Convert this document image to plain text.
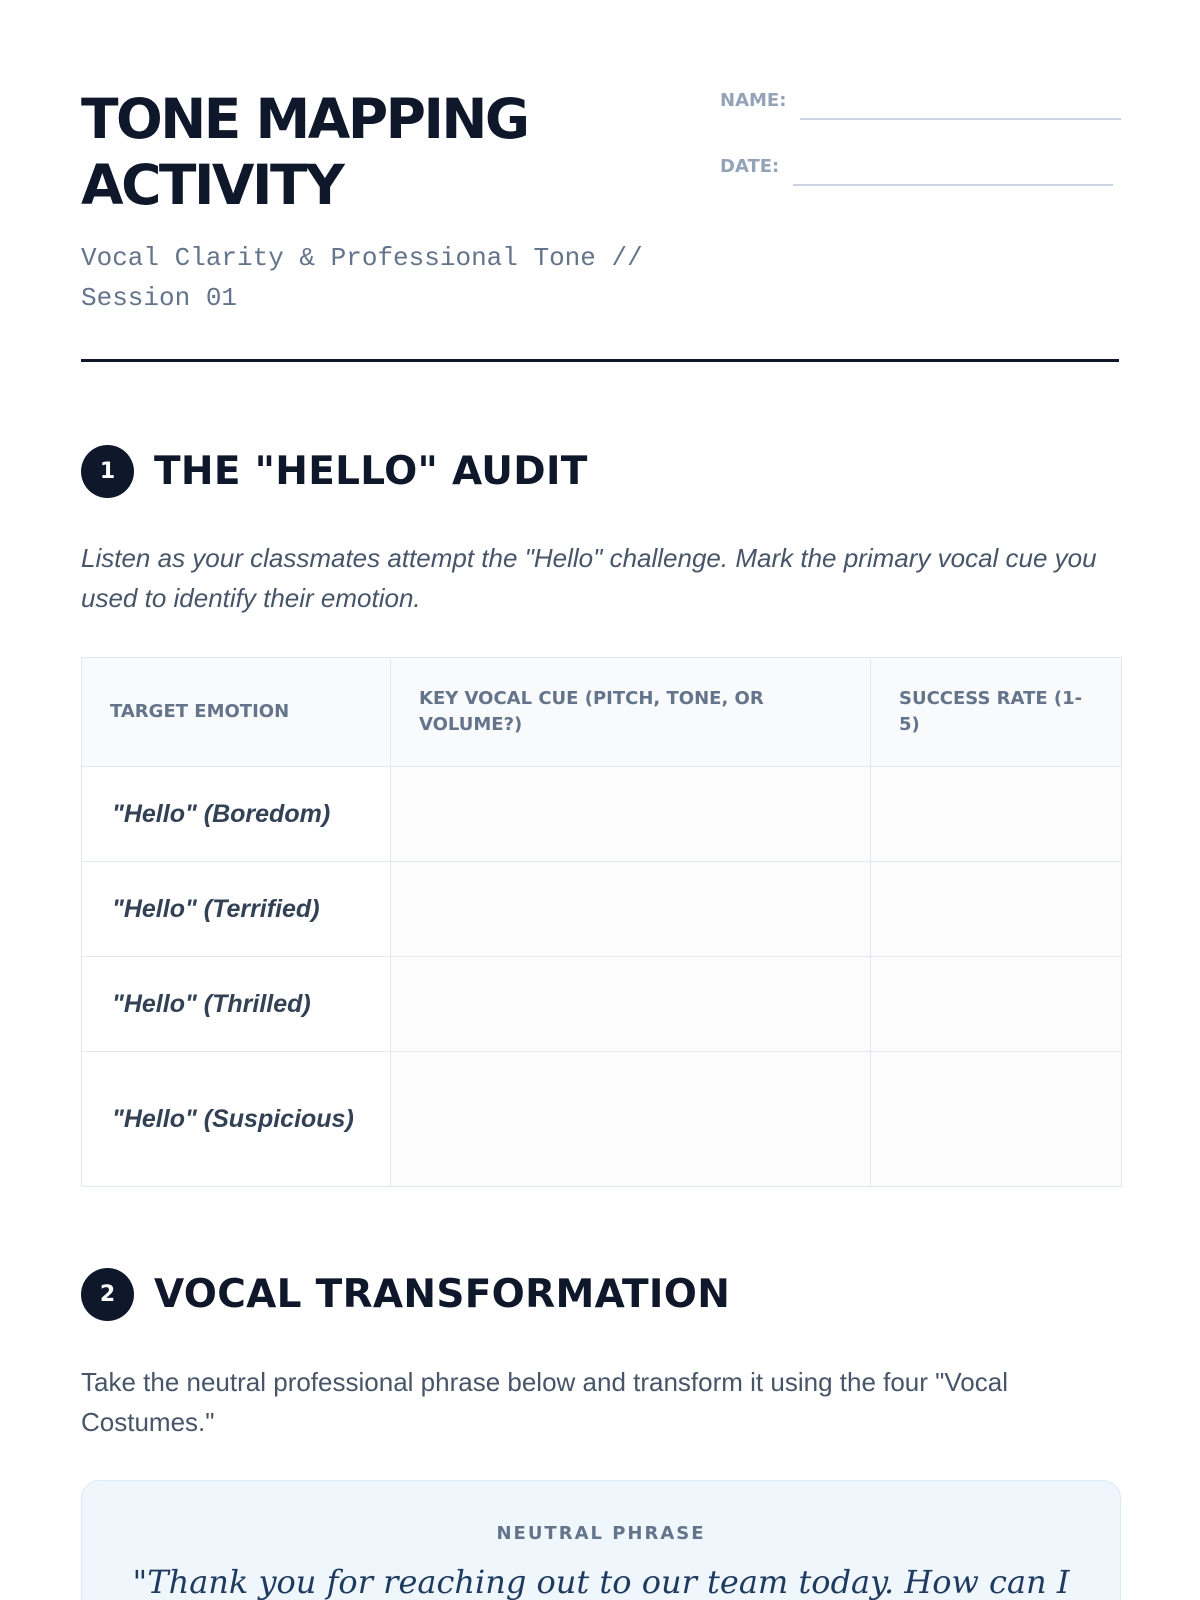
TONE MAPPING ACTIVITY
Vocal Clarity & Professional Tone // Session 01
NAME:
DATE:
1 THE "HELLO" AUDIT

Listen as your classmates attempt the "Hello" challenge. Mark the primary vocal cue you used to identify their emotion.

TARGET EMOTION	KEY VOCAL CUE (PITCH, TONE, OR VOLUME?)	SUCCESS RATE (1-5)
"Hello" (Boredom)		
"Hello" (Terrified)		
"Hello" (Thrilled)		
"Hello" (Suspicious)		
2 VOCAL TRANSFORMATION

Take the neutral professional phrase below and transform it using the four "Vocal Costumes."

NEUTRAL PHRASE
"Thank you for reaching out to our team today. How can I
